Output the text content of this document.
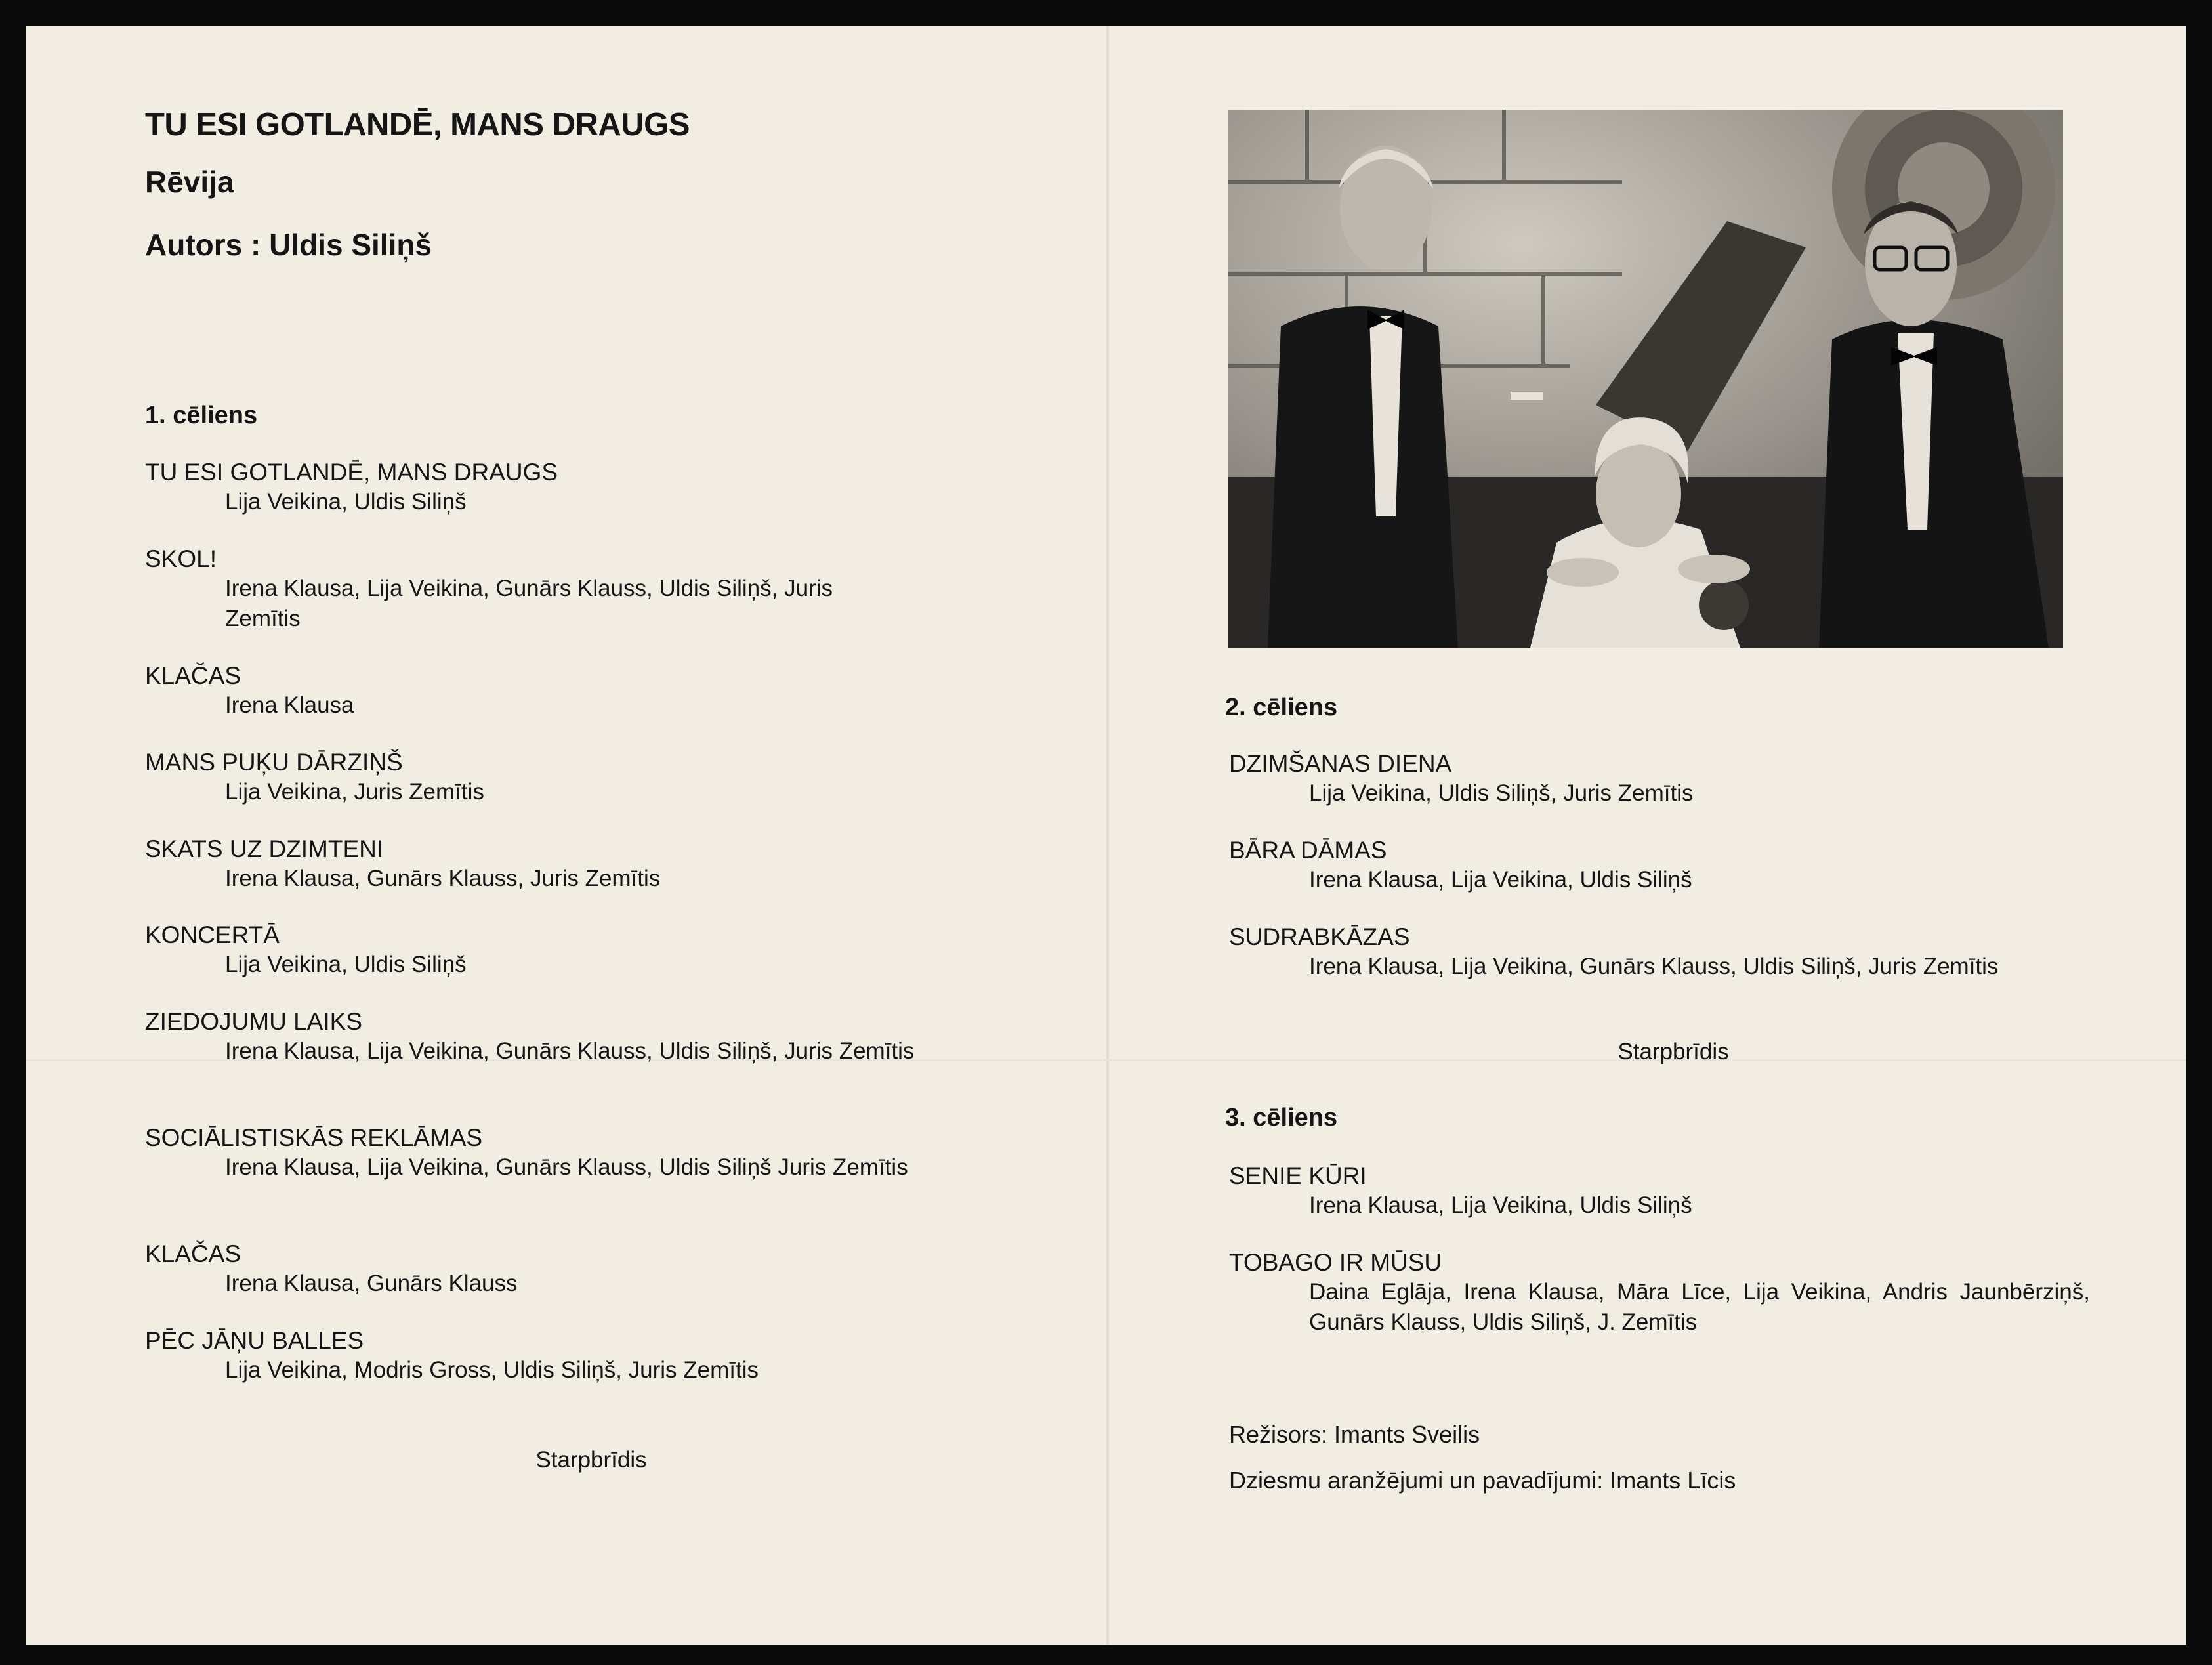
TU ESI GOTLANDĒ, MANS DRAUGS
Rēvija
Autors : Uldis Siliņš
1. cēliens
TU ESI GOTLANDĒ, MANS DRAUGS
Lija Veikina, Uldis Siliņš
SKOL!
Irena Klausa, Lija Veikina, Gunārs Klauss, Uldis Siliņš, Juris Zemītis
KLAČAS
Irena Klausa
MANS PUĶU DĀRZIŅŠ
Lija Veikina, Juris Zemītis
SKATS UZ DZIMTENI
Irena Klausa, Gunārs Klauss, Juris Zemītis
KONCERTĀ
Lija Veikina, Uldis Siliņš
ZIEDOJUMU LAIKS
Irena Klausa, Lija Veikina, Gunārs Klauss, Uldis Siliņš, Juris Zemītis
SOCIĀLISTISKĀS REKLĀMAS
Irena Klausa, Lija Veikina, Gunārs Klauss, Uldis Siliņš Juris Zemītis
KLAČAS
Irena Klausa, Gunārs Klauss
PĒC JĀŅU BALLES
Lija Veikina, Modris Gross, Uldis Siliņš, Juris Zemītis
Starpbrīdis
2. cēliens
DZIMŠANAS DIENA
Lija Veikina, Uldis Siliņš, Juris Zemītis
BĀRA DĀMAS
Irena Klausa, Lija Veikina, Uldis Siliņš
SUDRABKĀZAS
Irena Klausa, Lija Veikina, Gunārs Klauss, Uldis Siliņš, Juris Zemītis
Starpbrīdis
3. cēliens
SENIE KŪRI
Irena Klausa, Lija Veikina, Uldis Siliņš
TOBAGO IR MŪSU
Daina Eglāja, Irena Klausa, Māra Līce, Lija Veikina, Andris Jaunbērziņš, Gunārs Klauss, Uldis Siliņš, J. Zemītis
Režisors: Imants Sveilis
Dziesmu aranžējumi un pavadījumi: Imants Līcis
